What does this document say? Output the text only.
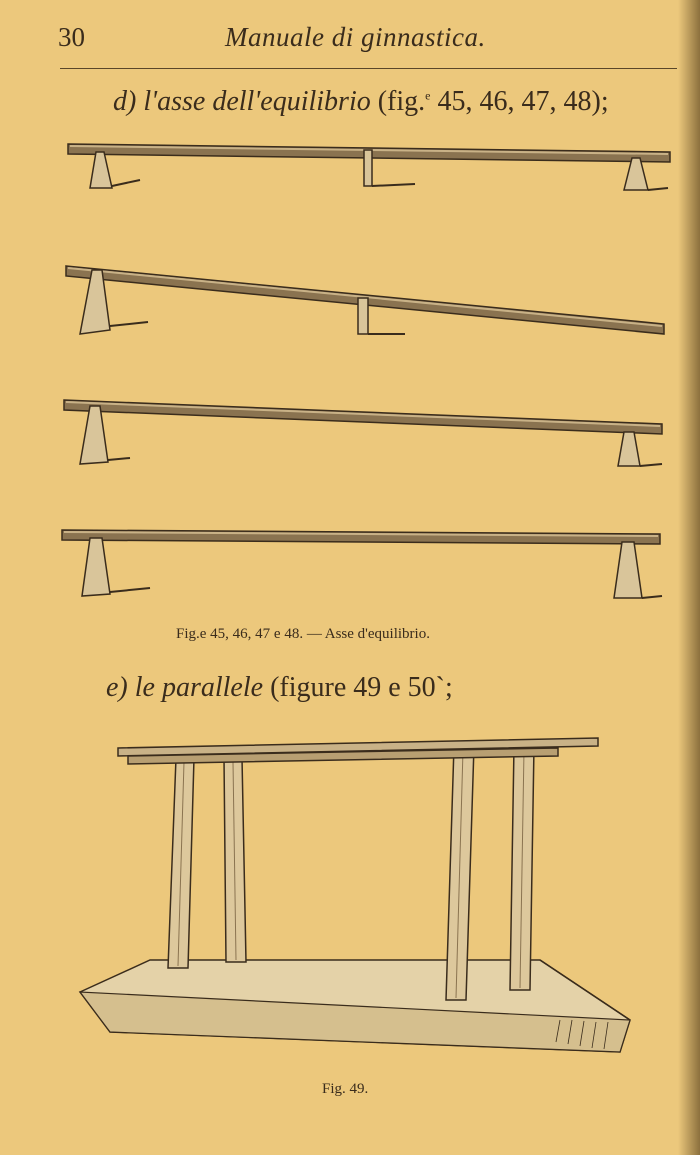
30	Manuale di ginnastica.
d) l'asse dell'equilibrio (fig.$^e$ 45, 46, 47, 48);
Fig.e 45, 46, 47 e 48. — Asse d'equilibrio.
e) le parallele (figure 49 e 50`;
Fig. 49.
